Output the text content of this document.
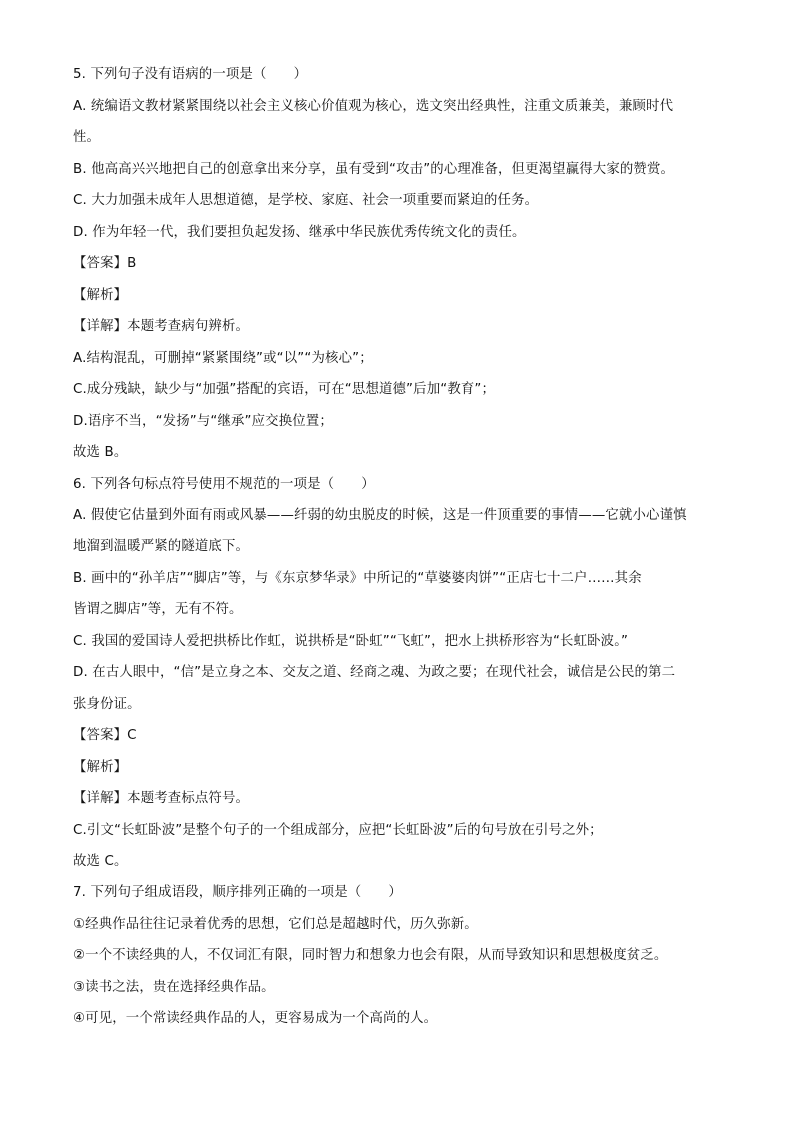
5. 下列句子没有语病的一项是（　　）
A. 统编语文教材紧紧围绕以社会主义核心价值观为核心，选文突出经典性，注重文质兼美，兼顾时代
性。
B. 他高高兴兴地把自己的创意拿出来分享，虽有受到“攻击”的心理准备，但更渴望赢得大家的赞赏。
C. 大力加强未成年人思想道德，是学校、家庭、社会一项重要而紧迫的任务。
D. 作为年轻一代，我们要担负起发扬、继承中华民族优秀传统文化的责任。
【答案】B
【解析】
【详解】本题考查病句辨析。
A.结构混乱，可删掉“紧紧围绕”或“以”“为核心”；
C.成分残缺，缺少与“加强”搭配的宾语，可在“思想道德”后加“教育”；
D.语序不当，“发扬”与“继承”应交换位置；
故选 B。
6. 下列各句标点符号使用不规范的一项是（　　）
A. 假使它估量到外面有雨或风暴——纤弱的幼虫脱皮的时候，这是一件顶重要的事情——它就小心谨慎
地溜到温暖严紧的隧道底下。
B. 画中的“孙羊店”“脚店”等，与《东京梦华录》中所记的“草婆婆肉饼”“正店七十二户……其余
皆谓之脚店”等，无有不符。
C. 我国的爱国诗人爱把拱桥比作虹，说拱桥是“卧虹”“飞虹”，把水上拱桥形容为“长虹卧波。”
D. 在古人眼中，“信”是立身之本、交友之道、经商之魂、为政之要；在现代社会，诚信是公民的第二
张身份证。
【答案】C
【解析】
【详解】本题考查标点符号。
C.引文“长虹卧波”是整个句子的一个组成部分，应把“长虹卧波”后的句号放在引号之外；
故选 C。
7. 下列句子组成语段，顺序排列正确的一项是（　　）
①经典作品往往记录着优秀的思想，它们总是超越时代，历久弥新。
②一个不读经典的人，不仅词汇有限，同时智力和想象力也会有限，从而导致知识和思想极度贫乏。
③读书之法，贵在选择经典作品。
④可见，一个常读经典作品的人，更容易成为一个高尚的人。
